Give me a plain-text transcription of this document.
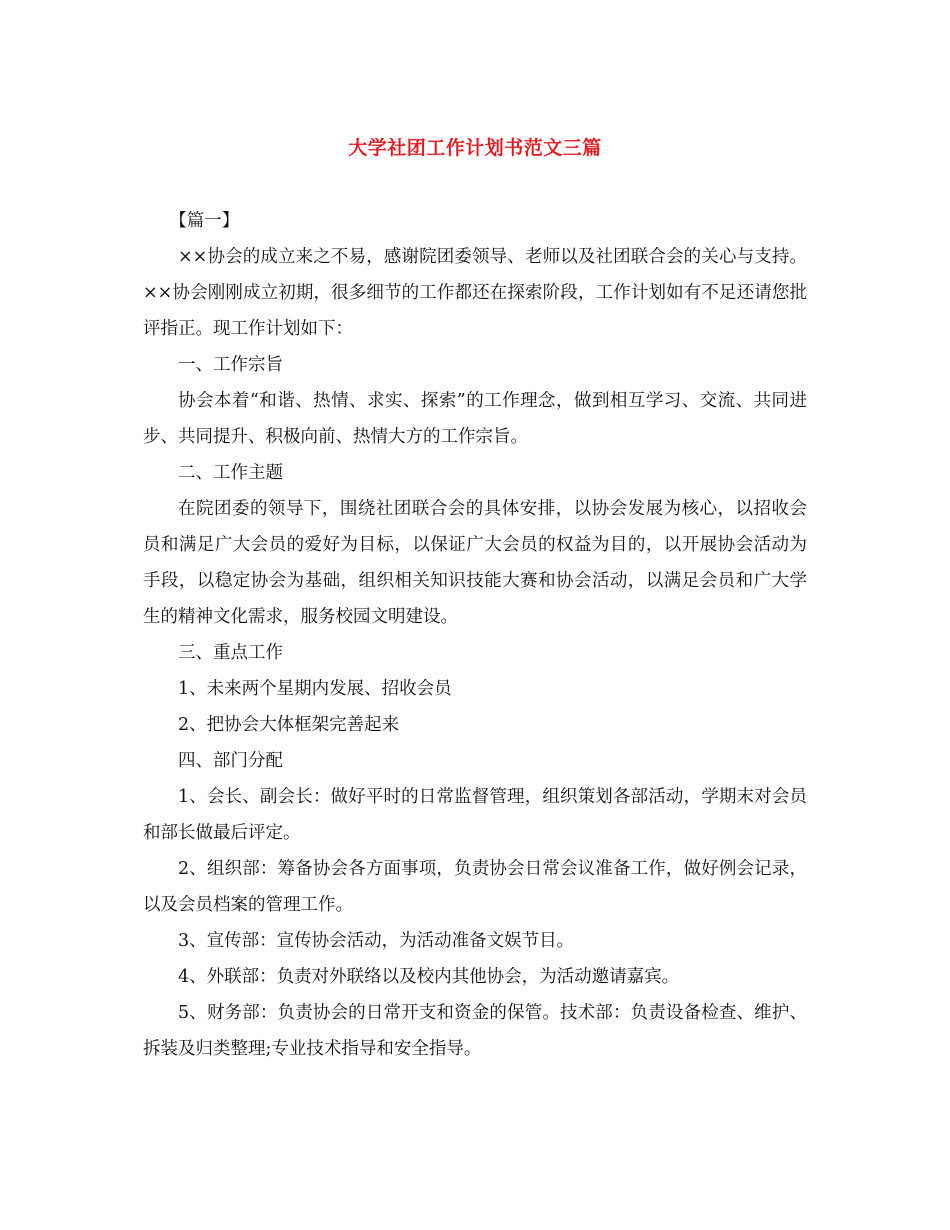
大学社团工作计划书范文三篇

【篇一】

××协会的成立来之不易，感谢院团委领导、老师以及社团联合会的关心与支持。××协会刚刚成立初期，很多细节的工作都还在探索阶段，工作计划如有不足还请您批评指正。现工作计划如下：

一、工作宗旨

协会本着“和谐、热情、求实、探索”的工作理念，做到相互学习、交流、共同进步、共同提升、积极向前、热情大方的工作宗旨。

二、工作主题

在院团委的领导下，围绕社团联合会的具体安排，以协会发展为核心，以招收会员和满足广大会员的爱好为目标，以保证广大会员的权益为目的，以开展协会活动为手段，以稳定协会为基础，组织相关知识技能大赛和协会活动，以满足会员和广大学生的精神文化需求，服务校园文明建设。

三、重点工作

1、未来两个星期内发展、招收会员

2、把协会大体框架完善起来

四、部门分配

1、会长、副会长：做好平时的日常监督管理，组织策划各部活动，学期末对会员和部长做最后评定。

2、组织部：筹备协会各方面事项，负责协会日常会议准备工作，做好例会记录，以及会员档案的管理工作。

3、宣传部：宣传协会活动，为活动准备文娱节目。

4、外联部：负责对外联络以及校内其他协会，为活动邀请嘉宾。

5、财务部：负责协会的日常开支和资金的保管。技术部：负责设备检查、维护、拆装及归类整理;专业技术指导和安全指导。
